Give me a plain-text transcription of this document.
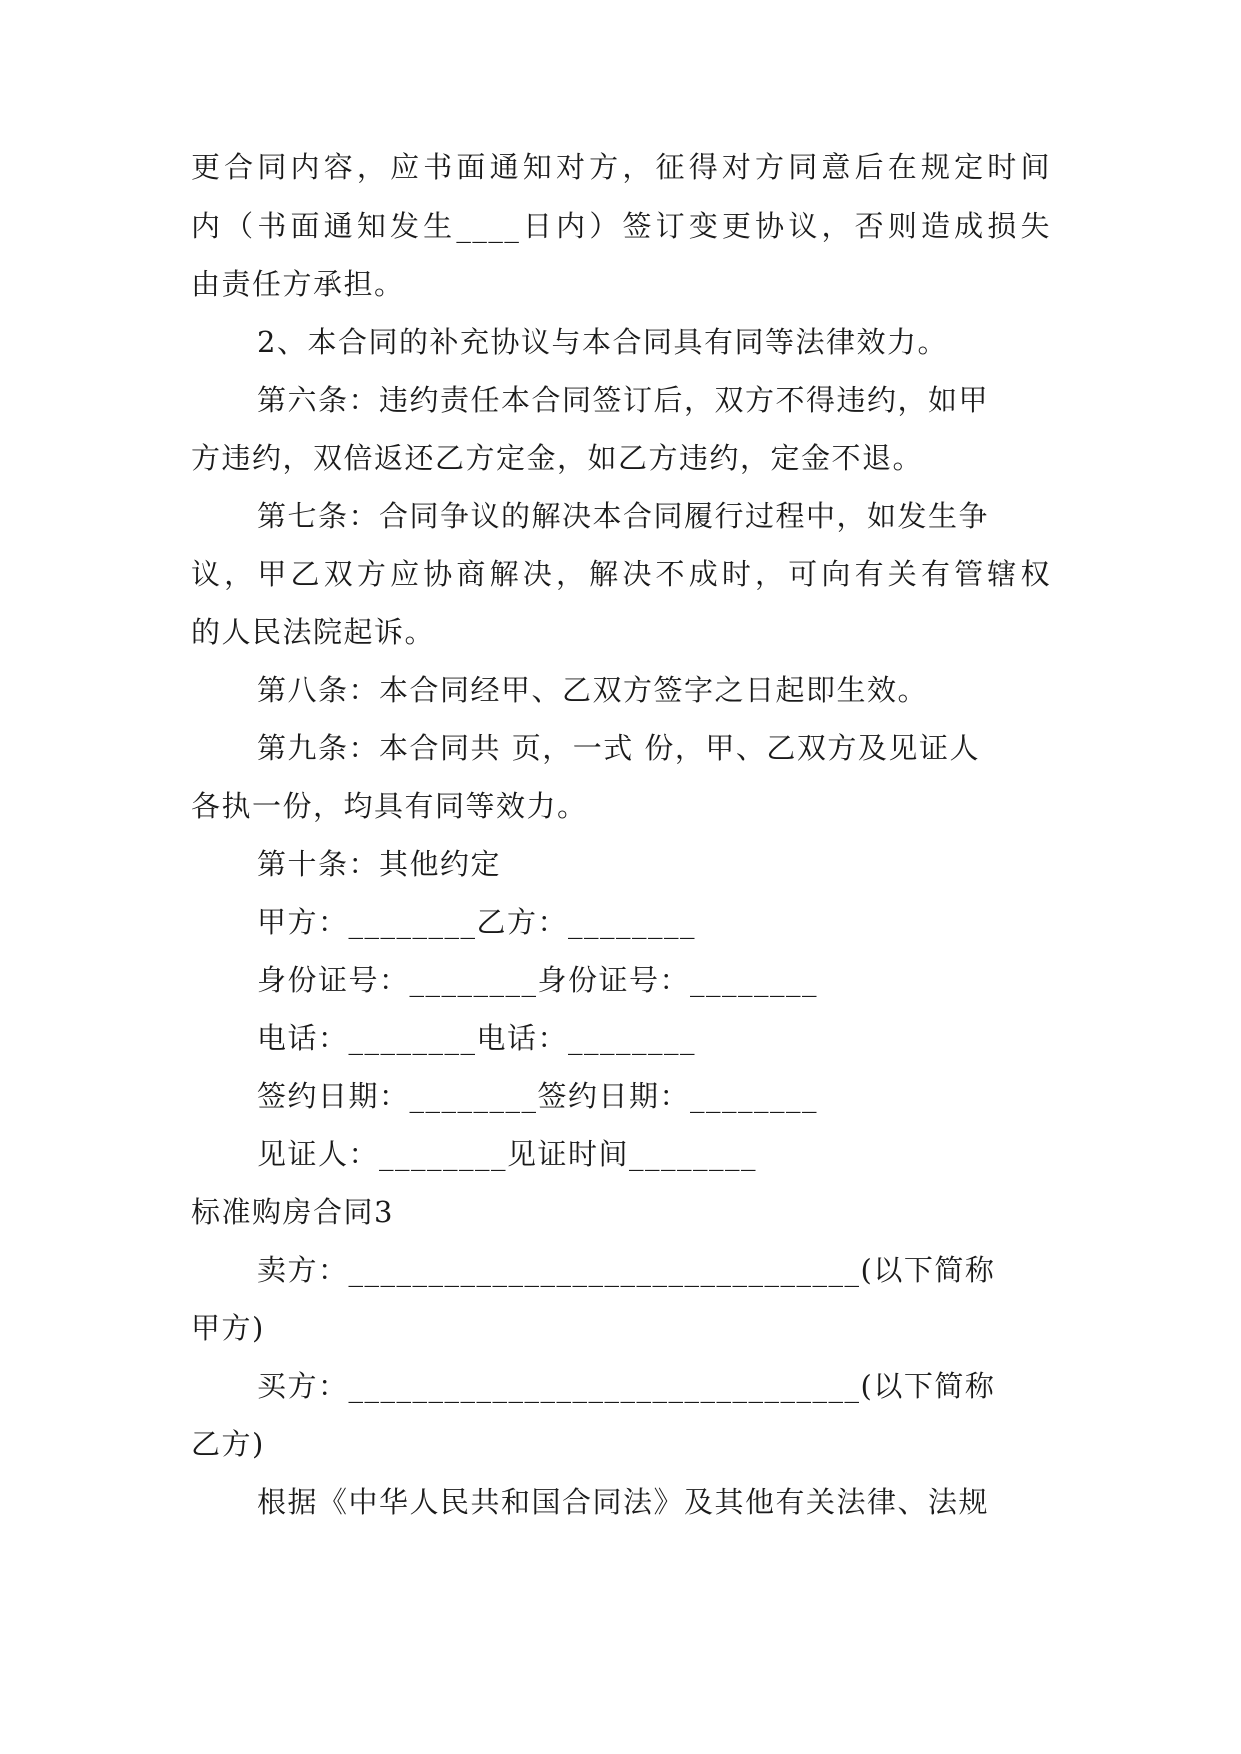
更合同内容，应书面通知对方，征得对方同意后在规定时间
内（书面通知发生____日内）签订变更协议，否则造成损失
由责任方承担。
2、本合同的补充协议与本合同具有同等法律效力。
第六条：违约责任本合同签订后，双方不得违约，如甲
方违约，双倍返还乙方定金，如乙方违约，定金不退。
第七条：合同争议的解决本合同履行过程中，如发生争
议，甲乙双方应协商解决，解决不成时，可向有关有管辖权
的人民法院起诉。
第八条：本合同经甲、乙双方签字之日起即生效。
第九条：本合同共 页，一式 份，甲、乙双方及见证人
各执一份，均具有同等效力。
第十条：其他约定
甲方：________乙方：________
身份证号：________身份证号：________
电话：________电话：________
签约日期：________签约日期：________
见证人：________见证时间________
标准购房合同3
卖方：________________________________(以下简称
甲方)
买方：________________________________(以下简称
乙方)
根据《中华人民共和国合同法》及其他有关法律、法规
